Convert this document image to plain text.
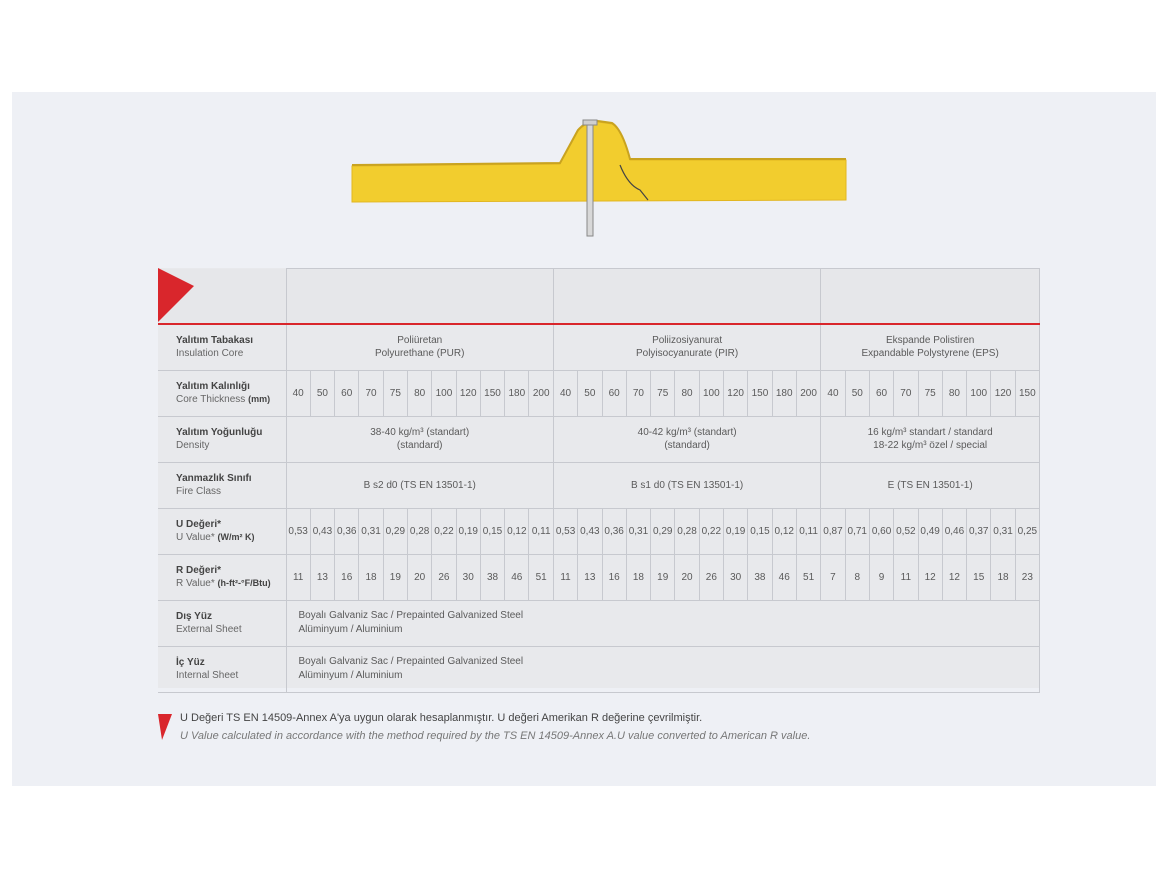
Yalıtım Tabakası
Insulation Core	Poliüretan
Polyurethane (PUR)											Poliizosiyanurat
Polyisocyanurate (PIR)											Ekspande Polistiren
Expandable Polystyrene (EPS)								

Yalıtım Kalınlığı
Core Thickness (mm)	40	50	60	70	75	80	100	120	150	180	200	40	50	60	70	75	80	100	120	150	180	200	40	50	60	70	75	80	100	120	150

Yalıtım Yoğunluğu
Density	38-40 kg/m³ (standart)
(standard)											40-42 kg/m³ (standart)
(standard)											16 kg/m³ standart / standard
18-22 kg/m³ özel / special								

Yanmazlık Sınıfı
Fire Class	B s2 d0 (TS EN 13501-1)											B s1 d0 (TS EN 13501-1)											E (TS EN 13501-1)								

U Değeri*
U Value* (W/m² K)	0,53	0,43	0,36	0,31	0,29	0,28	0,22	0,19	0,15	0,12	0,11	0,53	0,43	0,36	0,31	0,29	0,28	0,22	0,19	0,15	0,12	0,11	0,87	0,71	0,60	0,52	0,49	0,46	0,37	0,31	0,25

R Değeri*
R Value* (h-ft²-°F/Btu)	11	13	16	18	19	20	26	30	38	46	51	11	13	16	18	19	20	26	30	38	46	51	7	8	9	11	12	12	15	18	23

Dış Yüz
External Sheet	Boyalı Galvaniz Sac / Prepainted Galvanized Steel
Alüminyum / Aluminium																														

İç Yüz
Internal Sheet	Boyalı Galvaniz Sac / Prepainted Galvanized Steel
Alüminyum / Aluminium																														
U Değeri TS EN 14509-Annex A'ya uygun olarak hesaplanmıştır. U değeri Amerikan R değerine çevrilmiştir.
U Value calculated in accordance with the method required by the TS EN 14509-Annex A.U value converted to American R value.
